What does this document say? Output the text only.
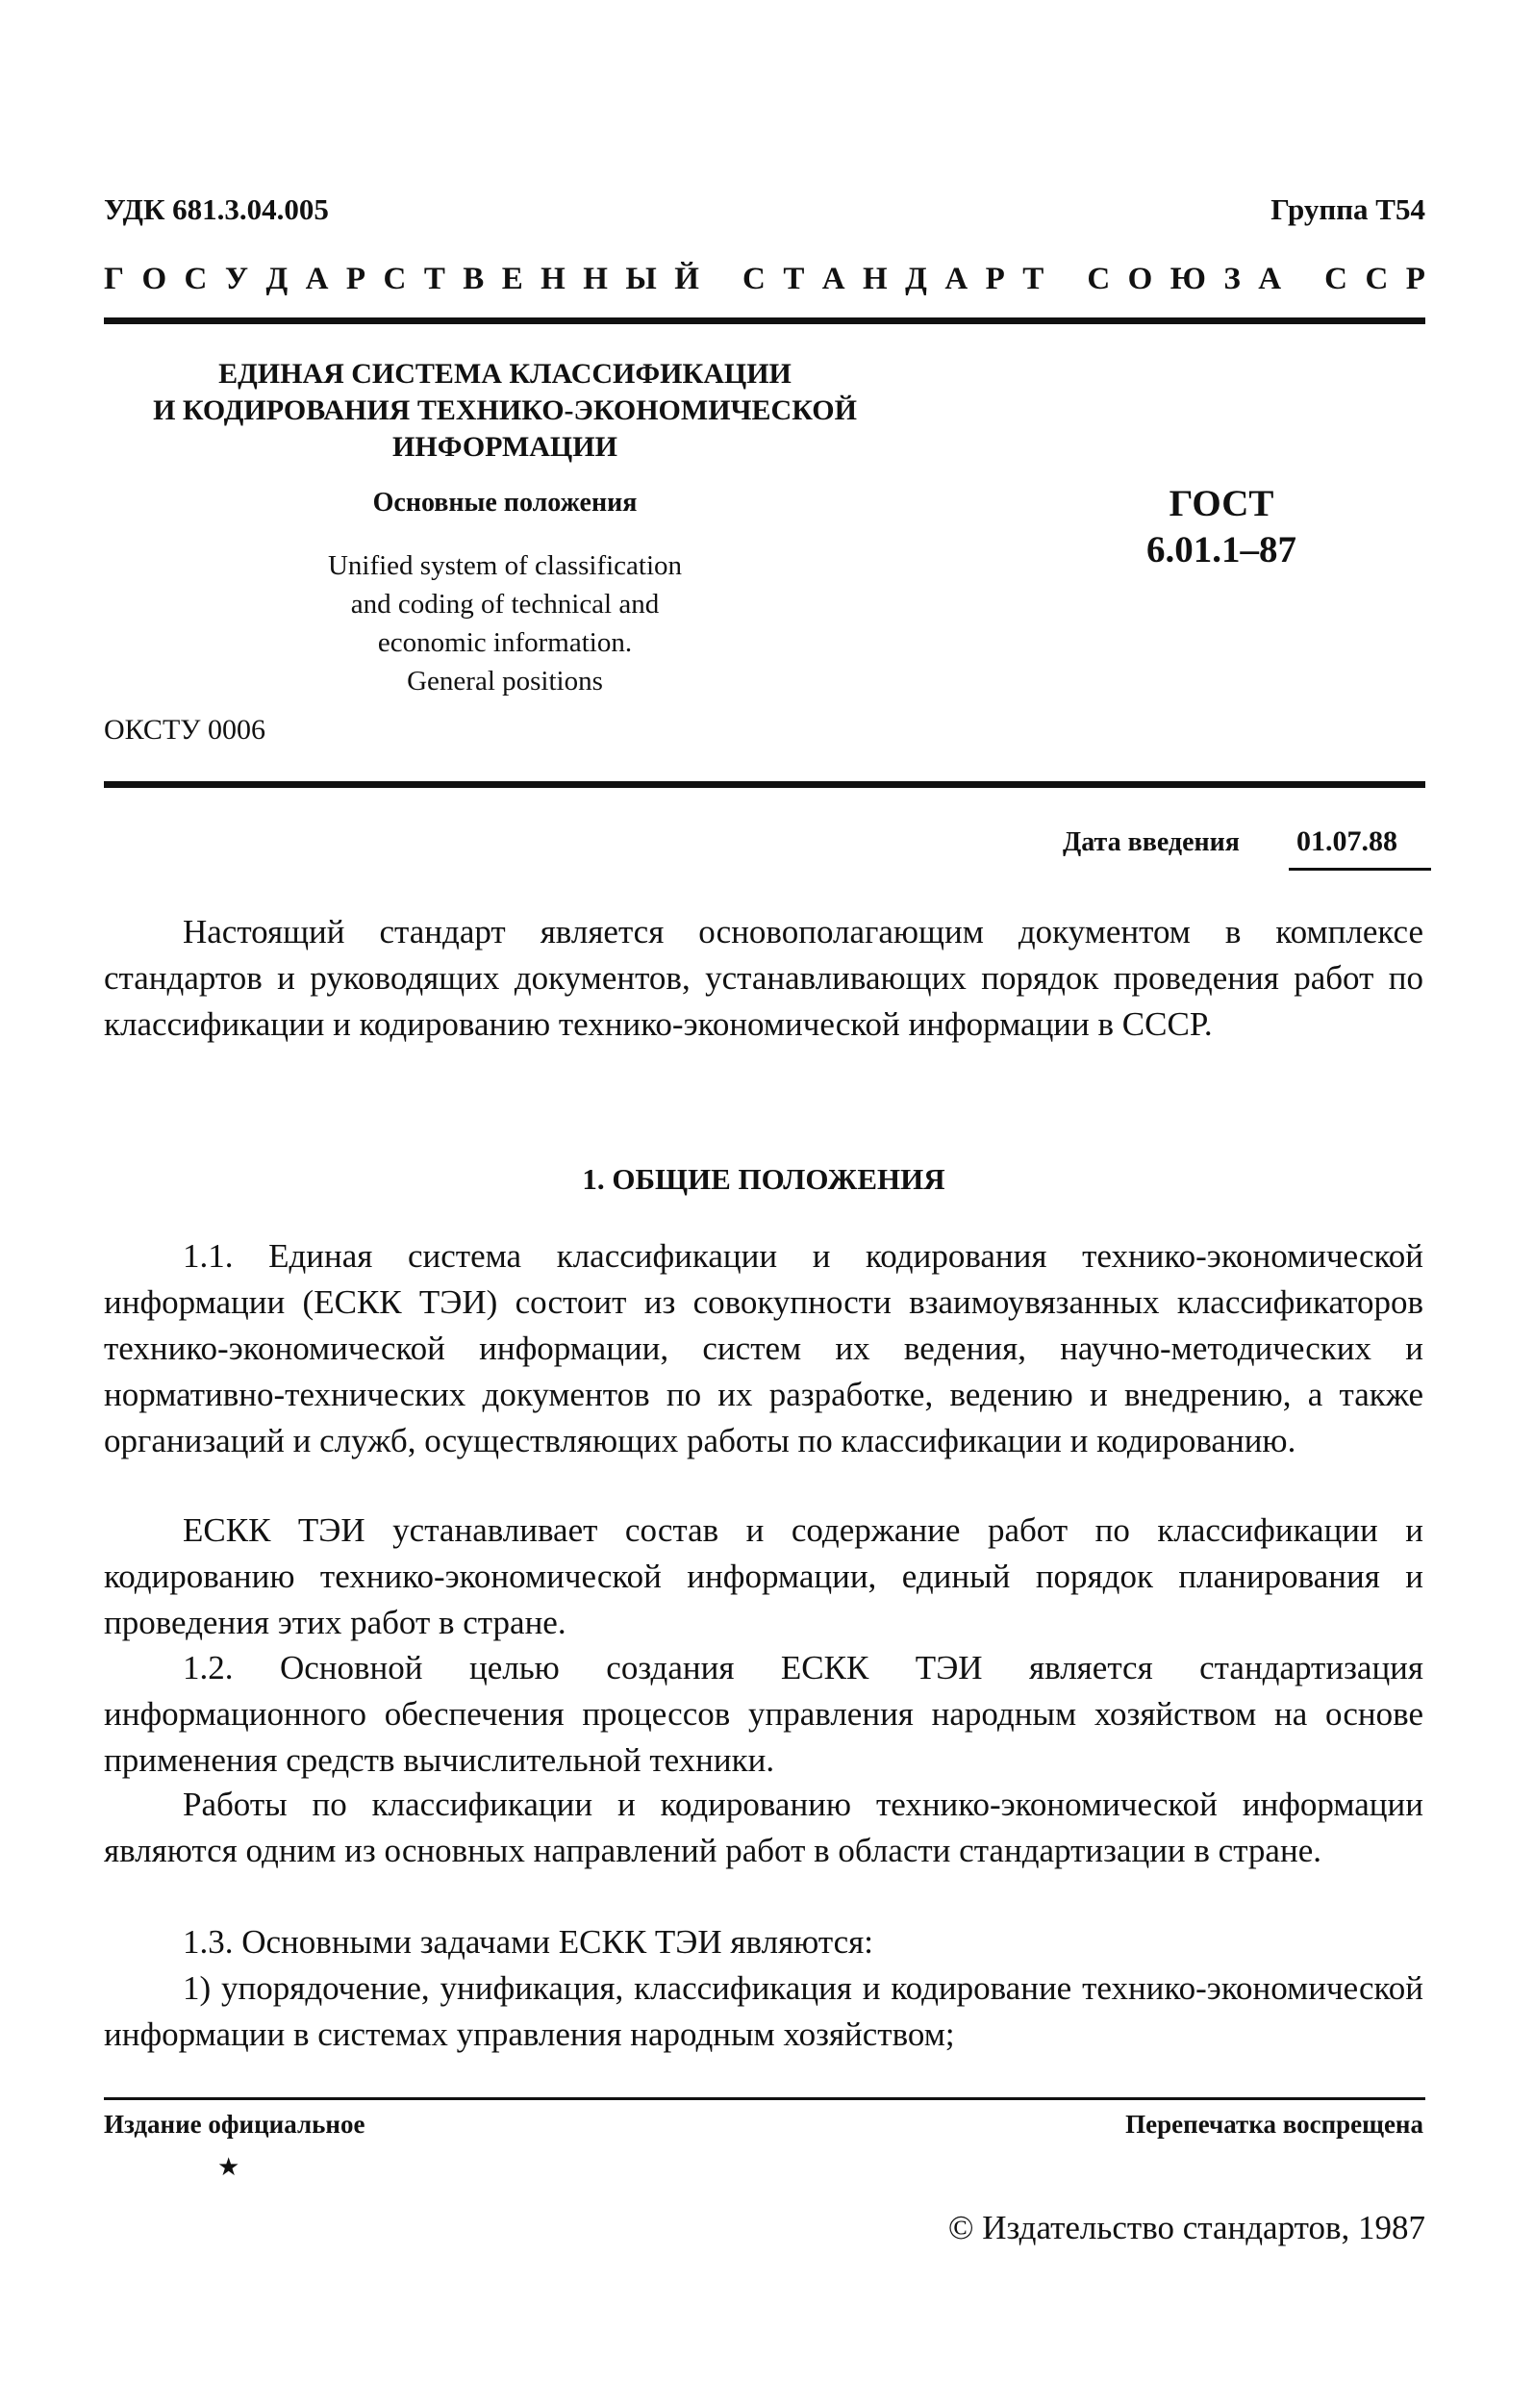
УДК 681.3.04.005	Группа Т54
Г О С У Д А Р С Т В Е Н Н Ы Й
С Т А Н Д А Р Т
С О Ю З А
С С Р
ЕДИНАЯ СИСТЕМА КЛАССИФИКАЦИИ
И КОДИРОВАНИЯ ТЕХНИКО-ЭКОНОМИЧЕСКОЙ
ИНФОРМАЦИИ
Основные положения
Unified system of classification
and coding of technical and
economic information.
General positions
ГОСТ
6.01.1–87
ОКСТУ 0006
Дата введения 01.07.88
Настоящий стандарт является основополагающим документом в комплексе стандартов и руководящих документов, устанавливающих порядок проведения работ по классификации и кодированию технико-экономической информации в СССР.
1. ОБЩИЕ ПОЛОЖЕНИЯ
1.1. Единая система классификации и кодирования технико-экономической информации (ЕСКК ТЭИ) состоит из совокупности взаимоувязанных классификаторов технико-экономической информации, систем их ведения, научно-методических и нормативно-технических документов по их разработке, ведению и внедрению, а также организаций и служб, осуществляющих работы по классификации и кодированию.
ЕСКК ТЭИ устанавливает состав и содержание работ по классификации и кодированию технико-экономической информации, единый порядок планирования и проведения этих работ в стране.
1.2. Основной целью создания ЕСКК ТЭИ является стандартизация информационного обеспечения процессов управления народным хозяйством на основе применения средств вычислительной техники.
Работы по классификации и кодированию технико-экономической информации являются одним из основных направлений работ в области стандартизации в стране.
1.3. Основными задачами ЕСКК ТЭИ являются:
1) упорядочение, унификация, классификация и кодирование технико-экономической информации в системах управления народным хозяйством;
Издание официальное	Перепечатка воспрещена
★
© Издательство стандартов, 1987
